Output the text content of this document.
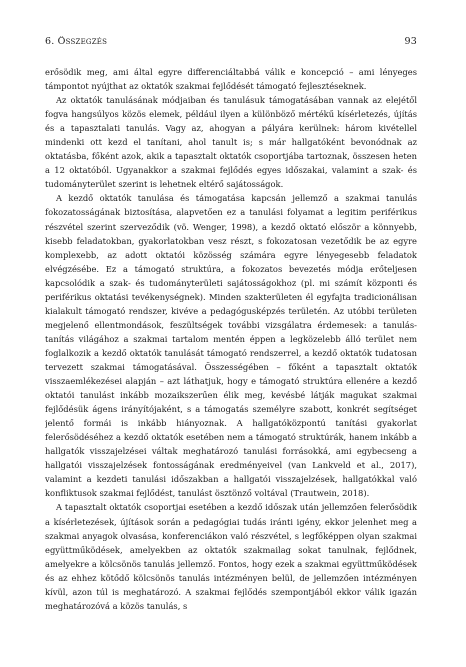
6. Összegzés	93

erősödik meg, ami által egyre differenciáltabbá válik e koncepció – ami lényeges támpontot nyújthat az oktatók szakmai fejlődését támogató fejlesztéseknek.

Az oktatók tanulásának módjaiban és tanulásuk támogatásában vannak az elejétől fogva hangsúlyos közös elemek, például ilyen a különböző mértékű kísérletezés, újítás és a tapasztalati tanulás. Vagy az, ahogyan a pályára kerülnek: három kivétellel mindenki ott kezd el tanítani, ahol tanult is; s már hallgatóként bevonódnak az oktatásba, főként azok, akik a tapasztalt oktatók csoportjába tartoznak, összesen heten a 12 oktatóból. Ugyanakkor a szakmai fejlődés egyes időszakai, valamint a szak- és tudományterület szerint is lehetnek eltérő sajátosságok.

A kezdő oktatók tanulása és támogatása kapcsán jellemző a szakmai tanulás fokozatosságának biztosítása, alapvetően ez a tanulási folyamat a legitim periférikus részvétel szerint szerveződik (vö. Wenger, 1998), a kezdő oktató először a könnyebb, kisebb feladatokban, gyakorlatokban vesz részt, s fokozatosan vezetődik be az egyre komplexebb, az adott oktatói közösség számára egyre lényegesebb feladatok elvégzésébe. Ez a támogató struktúra, a fokozatos bevezetés módja erőteljesen kapcsolódik a szak- és tudományterületi sajátosságokhoz (pl. mi számít központi és periférikus oktatási tevékenységnek). Minden szakterületen él egyfajta tradicionálisan kialakult támogató rendszer, kivéve a pedagógusképzés területén. Az utóbbi területen megjelenő ellentmondások, feszültségek további vizsgálatra érdemesek: a tanulás-tanítás világához a szakmai tartalom mentén éppen a legközelebb álló terület nem foglalkozik a kezdő oktatók tanulását támogató rendszerrel, a kezdő oktatók tudatosan tervezett szakmai támogatásával. Összességében – főként a tapasztalt oktatók visszaemlékezései alapján – azt láthatjuk, hogy e támogató struktúra ellenére a kezdő oktatói tanulást inkább mozaikszerűen élik meg, kevésbé látják magukat szakmai fejlődésük ágens irányítójaként, s a támogatás személyre szabott, konkrét segítséget jelentő formái is inkább hiányoznak. A hallgatóközpontú tanítási gyakorlat felerősödéséhez a kezdő oktatók esetében nem a támogató struktúrák, hanem inkább a hallgatók visszajelzései váltak meghatározó tanulási forrásokká, ami egybecseng a hallgatói visszajelzések fontosságának eredményeivel (van Lankveld et al., 2017), valamint a kezdeti tanulási időszakban a hallgatói visszajelzések, hallgatókkal való konfliktusok szakmai fejlődést, tanulást ösztönző voltával (Trautwein, 2018).

A tapasztalt oktatók csoportjai esetében a kezdő időszak után jellemzően felerősödik a kísérletezések, újítások során a pedagógiai tudás iránti igény, ekkor jelenhet meg a szakmai anyagok olvasása, konferenciákon való részvétel, s legfőképpen olyan szakmai együttműködések, amelyekben az oktatók szakmailag sokat tanulnak, fejlődnek, amelyekre a kölcsönös tanulás jellemző. Fontos, hogy ezek a szakmai együttműködések és az ehhez kötődő kölcsönös tanulás intézményen belül, de jellemzően intézményen kívül, azon túl is meghatározó. A szakmai fejlődés szempontjából ekkor válik igazán meghatározóvá a közös tanulás, s
